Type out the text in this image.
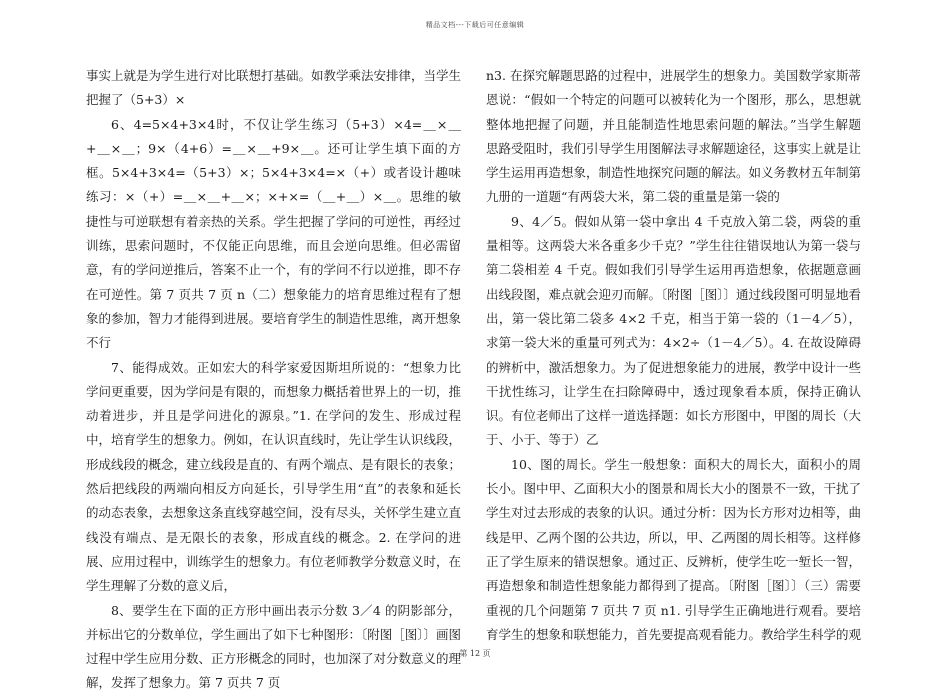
精品文档---下载后可任意编辑

事实上就是为学生进行对比联想打基础。如教学乘法安排律，当学生把握了（5+3）×

6、4=5×4+3×4时，不仅让学生练习（5+3）×4=＿×＿+＿×＿；9×（4+6）=＿×＿+9×＿。还可让学生填下面的方框。5×4+3×4=（5+3）×；5×4+3×4=×（+）或者设计趣味练习：×（+）=＿×＿+＿×；×+×=（＿+＿）×＿。思维的敏捷性与可逆联想有着亲热的关系。学生把握了学问的可逆性，再经过训练，思索问题时，不仅能正向思维，而且会逆向思维。但必需留意，有的学问逆推后，答案不止一个，有的学问不行以逆推，即不存在可逆性。第 7 页共 7 页 n（二）想象能力的培育思维过程有了想象的参加，智力才能得到进展。要培育学生的制造性思维，离开想象不行

7、能得成效。正如宏大的科学家爱因斯坦所说的：“想象力比学问更重要，因为学问是有限的，而想象力概括着世界上的一切，推动着进步，并且是学问进化的源泉。”1. 在学问的发生、形成过程中，培育学生的想象力。例如，在认识直线时，先让学生认识线段，形成线段的概念，建立线段是直的、有两个端点、是有限长的表象；然后把线段的两端向相反方向延长，引导学生用“直”的表象和延长的动态表象，去想象这条直线穿越空间，没有尽头，关怀学生建立直线没有端点、是无限长的表象，形成直线的概念。2. 在学问的进展、应用过程中，训练学生的想象力。有位老师教学分数意义时，在学生理解了分数的意义后，

8、要学生在下面的正方形中画出表示分数 3／4 的阴影部分，并标出它的分数单位，学生画出了如下七种图形：〔附图［图〕〕画图过程中学生应用分数、正方形概念的同时，也加深了对分数意义的理解，发挥了想象力。第 7 页共 7 页

n3. 在探究解题思路的过程中，进展学生的想象力。美国数学家斯蒂恩说：“假如一个特定的问题可以被转化为一个图形，那么，思想就整体地把握了问题，并且能制造性地思索问题的解法。”当学生解题思路受阻时，我们引导学生用图解法寻求解题途径，这事实上就是让学生运用再造想象，制造性地探究问题的解法。如义务教材五年制第九册的一道题“有两袋大米，第二袋的重量是第一袋的

9、4／5。假如从第一袋中拿出 4 千克放入第二袋，两袋的重量相等。这两袋大米各重多少千克？”学生往往错误地认为第一袋与第二袋相差 4 千克。假如我们引导学生运用再造想象，依据题意画出线段图，难点就会迎刃而解。〔附图［图〕〕通过线段图可明显地看出，第一袋比第二袋多 4×2 千克，相当于第一袋的（1－4／5），求第一袋大米的重量可列式为：4×2÷（1－4／5）。4. 在故设障碍的辨析中，激活想象力。为了促进想象能力的进展，教学中设计一些干扰性练习，让学生在扫除障碍中，透过现象看本质，保持正确认识。有位老师出了这样一道选择题：如长方形图中，甲图的周长（大于、小于、等于）乙

10、图的周长。学生一般想象：面积大的周长大，面积小的周长小。图中甲、乙面积大小的图景和周长大小的图景不一致，干扰了学生对过去形成的表象的认识。通过分析：因为长方形对边相等，曲线是甲、乙两个图的公共边，所以，甲、乙两图的周长相等。这样修正了学生原来的错误想象。通过正、反辨析，使学生吃一堑长一智，再造想象和制造性想象能力都得到了提高。〔附图［图〕〕（三）需要重视的几个问题第 7 页共 7 页 n1. 引导学生正确地进行观看。要培育学生的想象和联想能力，首先要提高观看能力。教给学生科学的观

第 12 页
